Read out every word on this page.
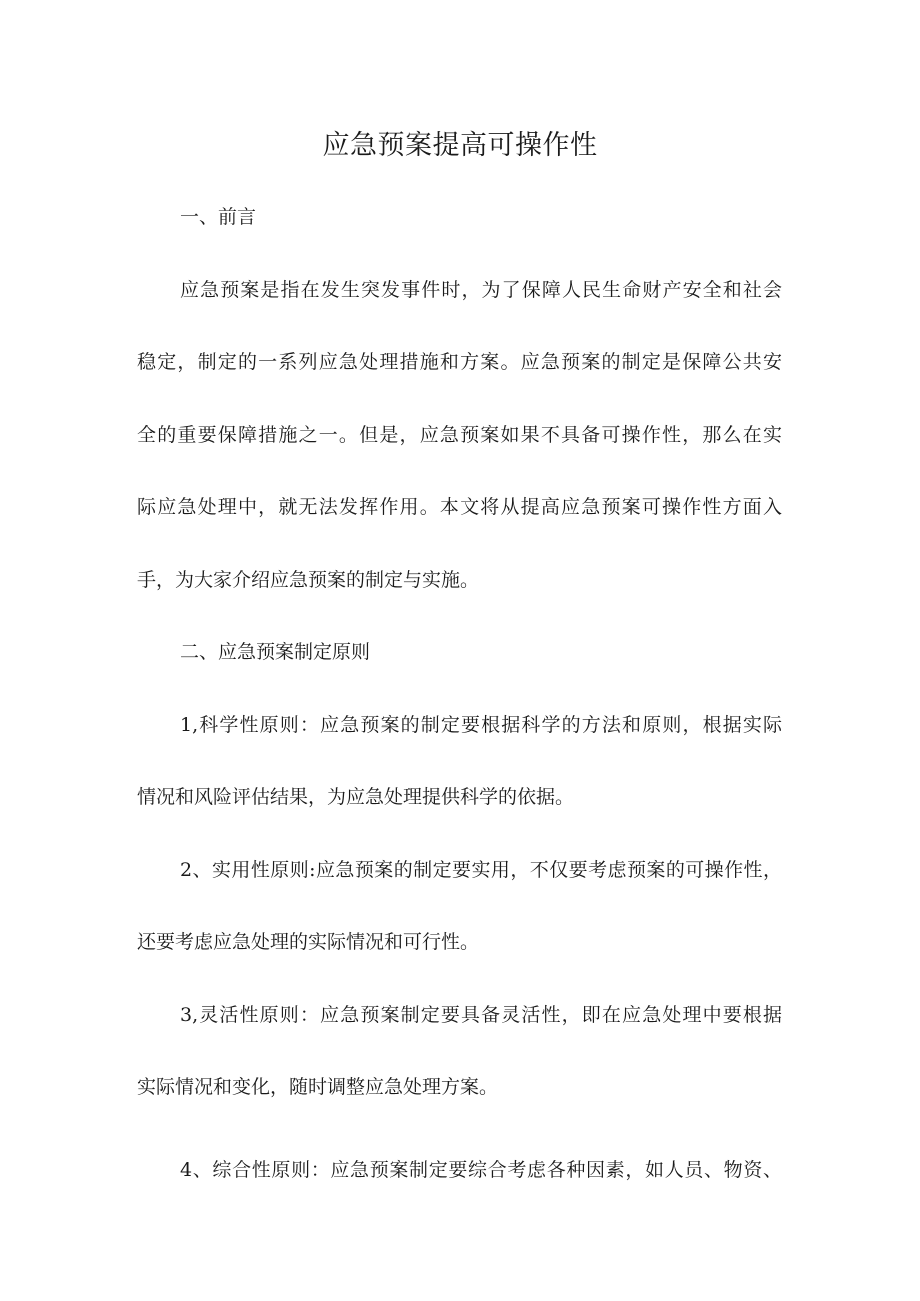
应急预案提高可操作性

一、前言

应急预案是指在发生突发事件时，为了保障人民生命财产安全和社会

稳定，制定的一系列应急处理措施和方案。应急预案的制定是保障公共安

全的重要保障措施之一。但是，应急预案如果不具备可操作性，那么在实

际应急处理中，就无法发挥作用。本文将从提高应急预案可操作性方面入

手，为大家介绍应急预案的制定与实施。

二、应急预案制定原则

1,科学性原则：应急预案的制定要根据科学的方法和原则，根据实际

情况和风险评估结果，为应急处理提供科学的依据。

2、实用性原则:应急预案的制定要实用，不仅要考虑预案的可操作性，

还要考虑应急处理的实际情况和可行性。

3,灵活性原则：应急预案制定要具备灵活性，即在应急处理中要根据

实际情况和变化，随时调整应急处理方案。

4、综合性原则：应急预案制定要综合考虑各种因素，如人员、物资、
